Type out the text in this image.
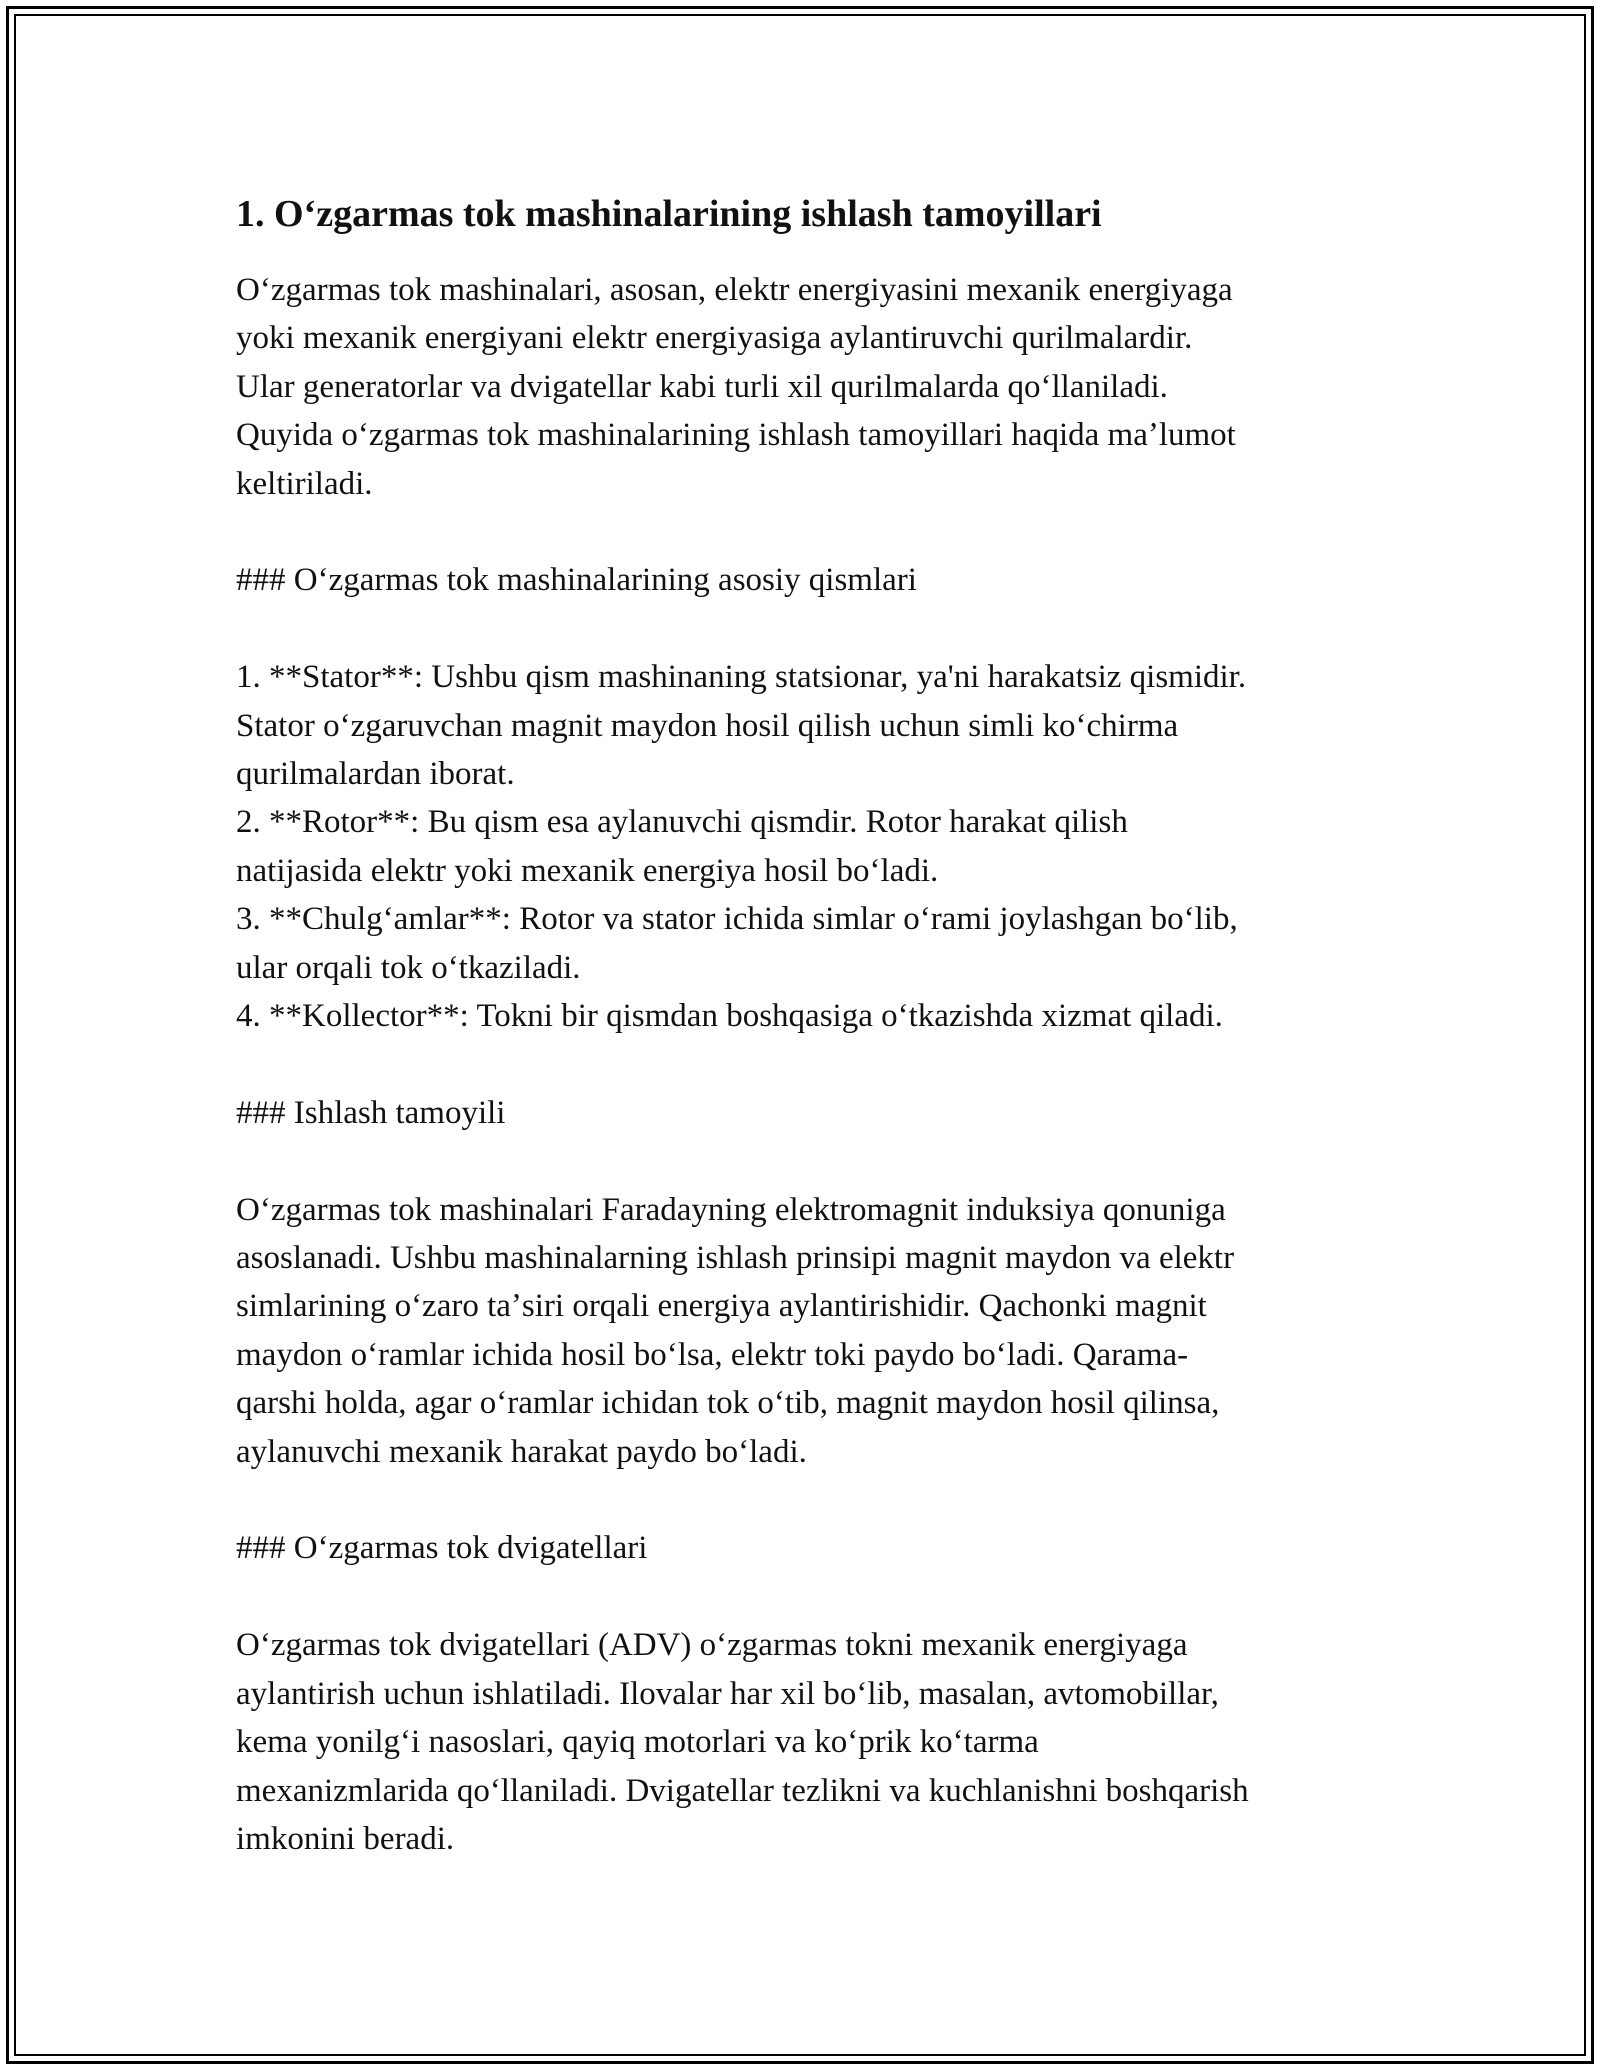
1. Oʻzgarmas tok mashinalarining ishlash tamoyillari

Oʻzgarmas tok mashinalari, asosan, elektr energiyasini mexanik energiyaga
yoki mexanik energiyani elektr energiyasiga aylantiruvchi qurilmalardir.
Ular generatorlar va dvigatellar kabi turli xil qurilmalarda qoʻllaniladi.
Quyida oʻzgarmas tok mashinalarining ishlash tamoyillari haqida maʼlumot
keltiriladi.

### Oʻzgarmas tok mashinalarining asosiy qismlari

1. **Stator**: Ushbu qism mashinaning statsionar, ya'ni harakatsiz qismidir.
Stator oʻzgaruvchan magnit maydon hosil qilish uchun simli koʻchirma
qurilmalardan iborat.
2. **Rotor**: Bu qism esa aylanuvchi qismdir. Rotor harakat qilish
natijasida elektr yoki mexanik energiya hosil boʻladi.
3. **Chulgʻamlar**: Rotor va stator ichida simlar oʻrami joylashgan boʻlib,
ular orqali tok oʻtkaziladi.
4. **Kollector**: Tokni bir qismdan boshqasiga oʻtkazishda xizmat qiladi.

### Ishlash tamoyili

Oʻzgarmas tok mashinalari Faradayning elektromagnit induksiya qonuniga
asoslanadi. Ushbu mashinalarning ishlash prinsipi magnit maydon va elektr
simlarining oʻzaro taʼsiri orqali energiya aylantirishidir. Qachonki magnit
maydon oʻramlar ichida hosil boʻlsa, elektr toki paydo boʻladi. Qarama-
qarshi holda, agar oʻramlar ichidan tok oʻtib, magnit maydon hosil qilinsa,
aylanuvchi mexanik harakat paydo boʻladi.

### Oʻzgarmas tok dvigatellari

Oʻzgarmas tok dvigatellari (ADV) oʻzgarmas tokni mexanik energiyaga
aylantirish uchun ishlatiladi. Ilovalar har xil boʻlib, masalan, avtomobillar,
kema yonilgʻi nasoslari, qayiq motorlari va koʻprik koʻtarma
mexanizmlarida qoʻllaniladi. Dvigatellar tezlikni va kuchlanishni boshqarish
imkonini beradi.
